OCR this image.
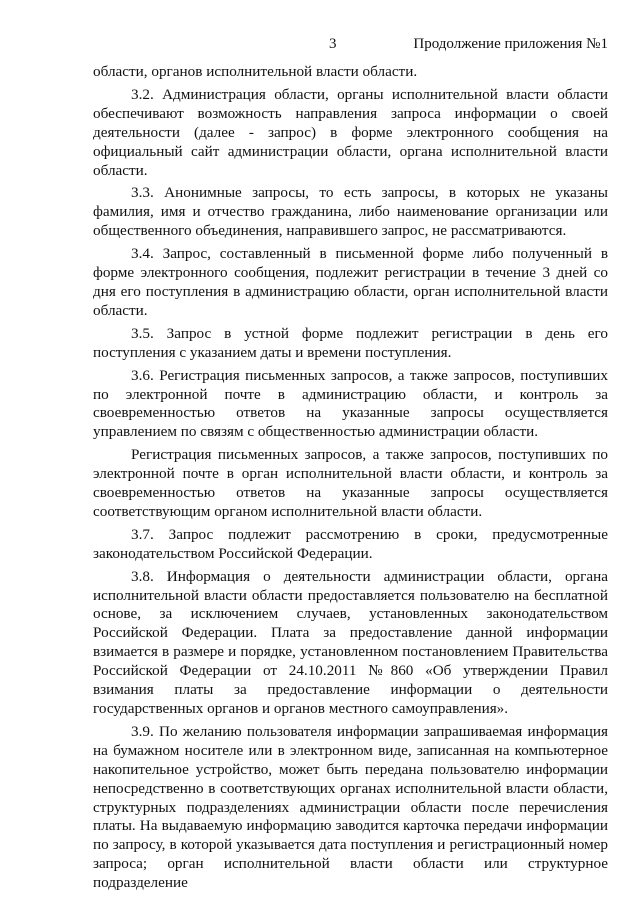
3	Продолжение приложения №1

области, органов исполнительной власти области.

3.2. Администрация области, органы исполнительной власти области обеспечивают возможность направления запроса информации о своей деятельности (далее - запрос) в форме электронного сообщения на официальный сайт администрации области, органа исполнительной власти области.

3.3. Анонимные запросы, то есть запросы, в которых не указаны фамилия, имя и отчество гражданина, либо наименование организации или общественного объединения, направившего запрос, не рассматриваются.

3.4. Запрос, составленный в письменной форме либо полученный в форме электронного сообщения, подлежит регистрации в течение 3 дней со дня его поступления в администрацию области, орган исполнительной власти области.

3.5. Запрос в устной форме подлежит регистрации в день его поступления с указанием даты и времени поступления.

3.6. Регистрация письменных запросов, а также запросов, поступивших по электронной почте в администрацию области, и контроль за своевременностью ответов на указанные запросы осуществляется управлением по связям с общественностью администрации области.

Регистрация письменных запросов, а также запросов, поступивших по электронной почте в орган исполнительной власти области, и контроль за своевременностью ответов на указанные запросы осуществляется соответствующим органом исполнительной власти области.

3.7. Запрос подлежит рассмотрению в сроки, предусмотренные законодательством Российской Федерации.

3.8. Информация о деятельности администрации области, органа исполнительной власти области предоставляется пользователю на бесплатной основе, за исключением случаев, установленных законодательством Российской Федерации. Плата за предоставление данной информации взимается в размере и порядке, установленном постановлением Правительства Российской Федерации от 24.10.2011 №860 «Об утверждении Правил взимания платы за предоставление информации о деятельности государственных органов и органов местного самоуправления».

3.9. По желанию пользователя информации запрашиваемая информация на бумажном носителе или в электронном виде, записанная на компьютерное накопительное устройство, может быть передана пользователю информации непосредственно в соответствующих органах исполнительной власти области, структурных подразделениях администрации области после перечисления платы. На выдаваемую информацию заводится карточка передачи информации по запросу, в которой указывается дата поступления и регистрационный номер запроса; орган исполнительной власти области или структурное подразделение
